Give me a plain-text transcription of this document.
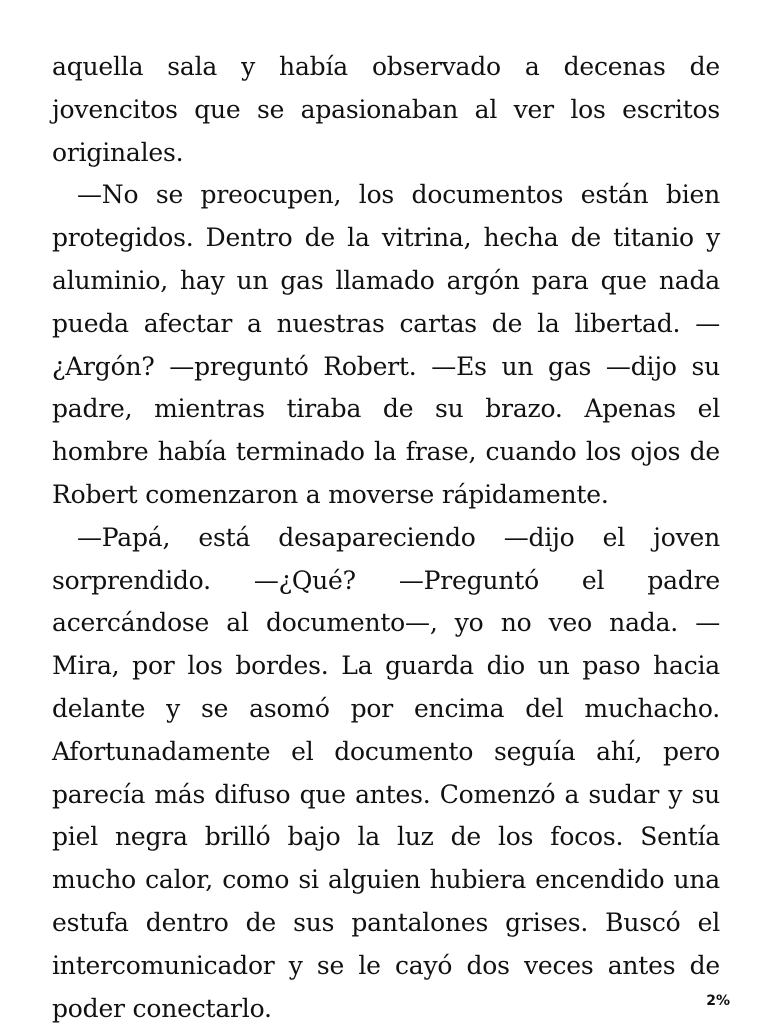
aquella sala y había observado a decenas de jovencitos que se apasionaban al ver los escritos originales.

—No se preocupen, los documentos están bien protegidos. Dentro de la vitrina, hecha de titanio y aluminio, hay un gas llamado argón para que nada pueda afectar a nuestras cartas de la libertad. —¿Argón? —preguntó Robert. —Es un gas —dijo su padre, mientras tiraba de su brazo. Apenas el hombre había terminado la frase, cuando los ojos de Robert comenzaron a moverse rápidamente.

—Papá, está desapareciendo —dijo el joven sorprendido. —¿Qué? —Preguntó el padre acercándose al documento—, yo no veo nada. —Mira, por los bordes. La guarda dio un paso hacia delante y se asomó por encima del muchacho. Afortunadamente el documento seguía ahí, pero parecía más difuso que antes. Comenzó a sudar y su piel negra brilló bajo la luz de los focos. Sentía mucho calor, como si alguien hubiera encendido una estufa dentro de sus pantalones grises. Buscó el intercomunicador y se le cayó dos veces antes de poder conectarlo.	2%
